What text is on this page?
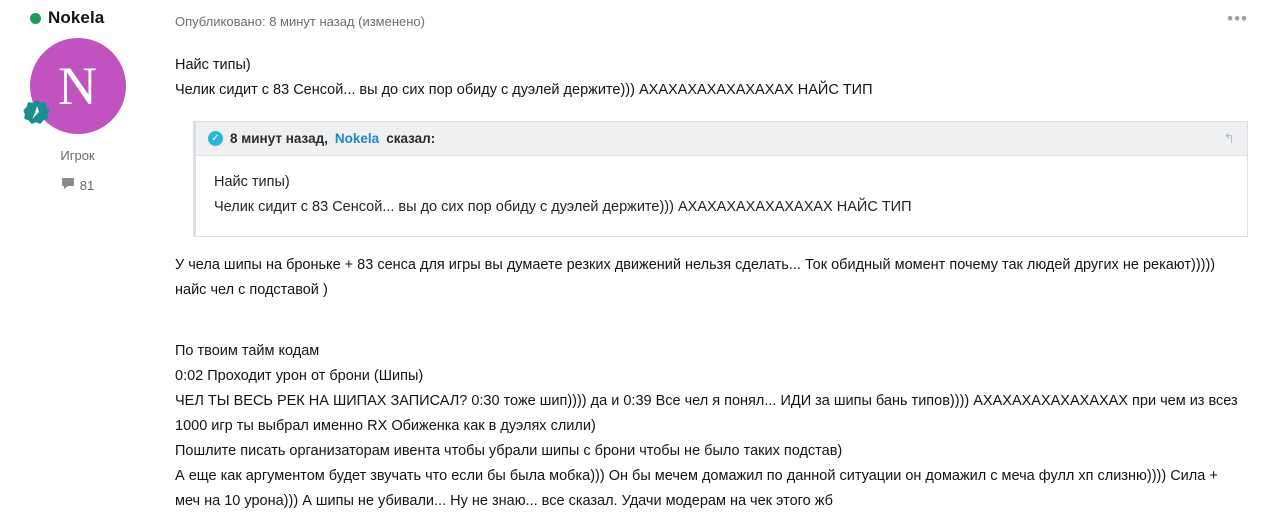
Nokela
N
Игрок
81
Опубликовано: 8 минут назад (изменено)	•••
Найс типы)
Челик сидит с 83 Сенсой... вы до сих пор обиду с дуэлей держите))) АХАХАХАХАХАХАХАХ НАЙС ТИП
✓ 8 минут назад, Nokela сказал:	↰
Найс типы)
Челик сидит с 83 Сенсой... вы до сих пор обиду с дуэлей держите))) АХАХАХАХАХАХАХАХ НАЙС ТИП
У чела шипы на броньке + 83 сенса для игры вы думаете резких движений нельзя сделать... Ток обидный момент почему так людей других не рекают)))))
найс чел с подставой )
По твоим тайм кодам
0:02 Проходит урон от брони (Шипы)
ЧЕЛ ТЫ ВЕСЬ РЕК НА ШИПАХ ЗАПИСАЛ? 0:30 тоже шип)))) да и 0:39 Все чел я понял... ИДИ за шипы бань типов)))) АХАХАХАХАХАХАХАХ при чем из всез
1000 игр ты выбрал именно RX Обиженка как в дуэлях слили)
Пошлите писать организаторам ивента чтобы убрали шипы с брони чтобы не было таких подстав)
А еще как аргументом будет звучать что если бы была мобка))) Он бы мечем домажил по данной ситуации он домажил с меча фулл хп слизню)))) Сила +
меч на 10 урона))) А шипы не убивали... Ну не знаю... все сказал. Удачи модерам на чек этого жб
